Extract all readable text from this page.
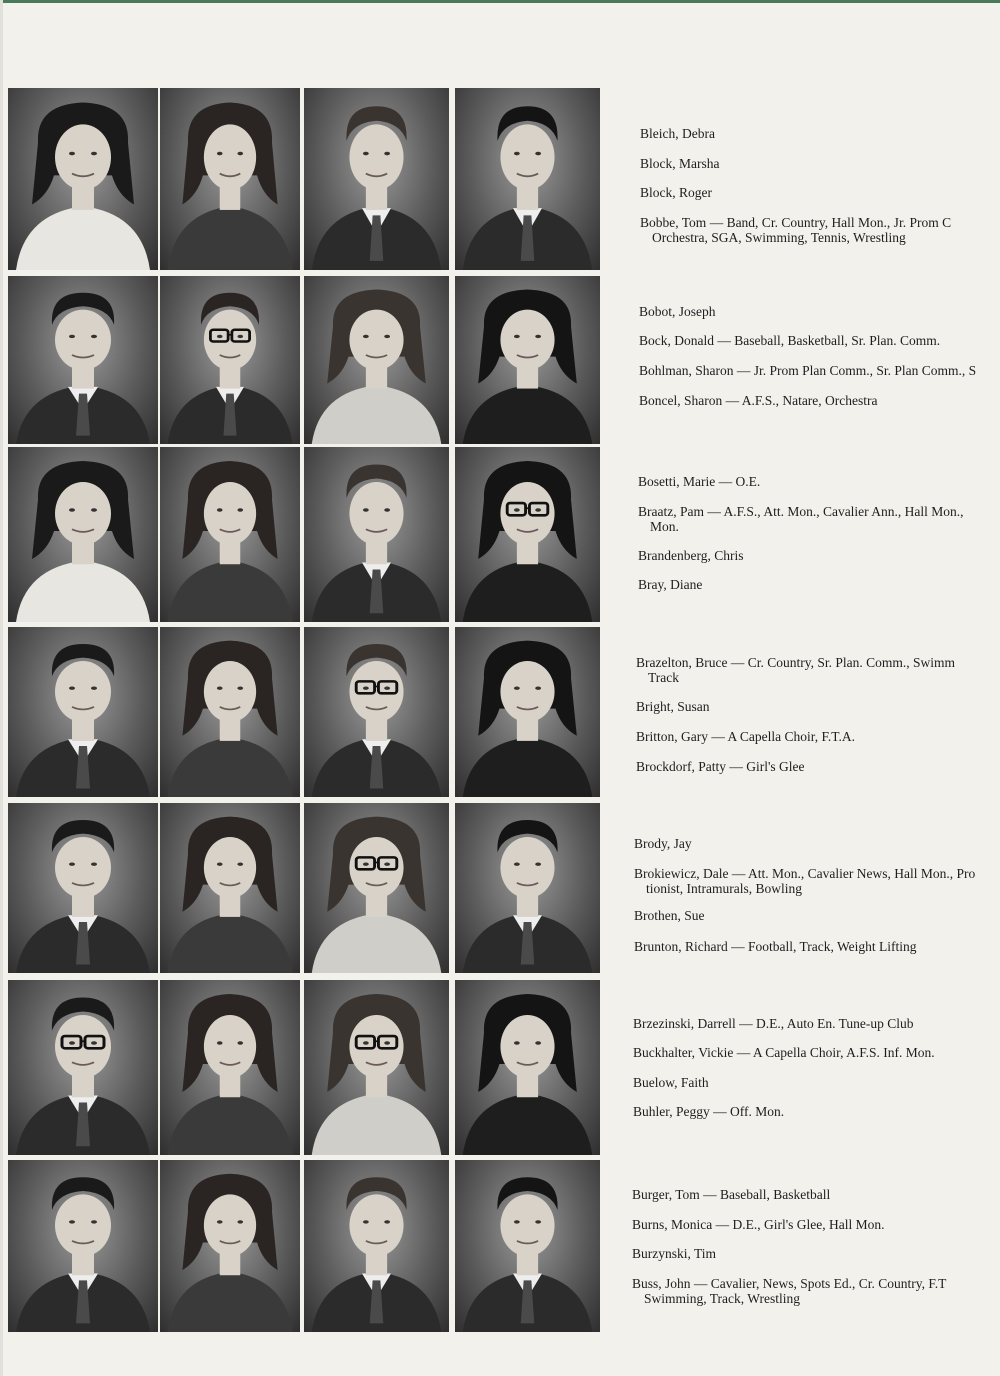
Bleich, Debra
Block, Marsha
Block, Roger
Bobbe, Tom — Band, Cr. Country, Hall Mon., Jr. Prom C
Orchestra, SGA, Swimming, Tennis, Wrestling
Bobot, Joseph
Bock, Donald — Baseball, Basketball, Sr. Plan. Comm.
Bohlman, Sharon — Jr. Prom Plan Comm., Sr. Plan Comm., S
Boncel, Sharon — A.F.S., Natare, Orchestra
Bosetti, Marie — O.E.
Braatz, Pam — A.F.S., Att. Mon., Cavalier Ann., Hall Mon.,
Mon.
Brandenberg, Chris
Bray, Diane
Brazelton, Bruce — Cr. Country, Sr. Plan. Comm., Swimm
Track
Bright, Susan
Britton, Gary — A Capella Choir, F.T.A.
Brockdorf, Patty — Girl's Glee
Brody, Jay
Brokiewicz, Dale — Att. Mon., Cavalier News, Hall Mon., Pro
tionist, Intramurals, Bowling
Brothen, Sue
Brunton, Richard — Football, Track, Weight Lifting
Brzezinski, Darrell — D.E., Auto En. Tune-up Club
Buckhalter, Vickie — A Capella Choir, A.F.S. Inf. Mon.
Buelow, Faith
Buhler, Peggy — Off. Mon.
Burger, Tom — Baseball, Basketball
Burns, Monica — D.E., Girl's Glee, Hall Mon.
Burzynski, Tim
Buss, John — Cavalier, News, Spots Ed., Cr. Country, F.T
Swimming, Track, Wrestling
